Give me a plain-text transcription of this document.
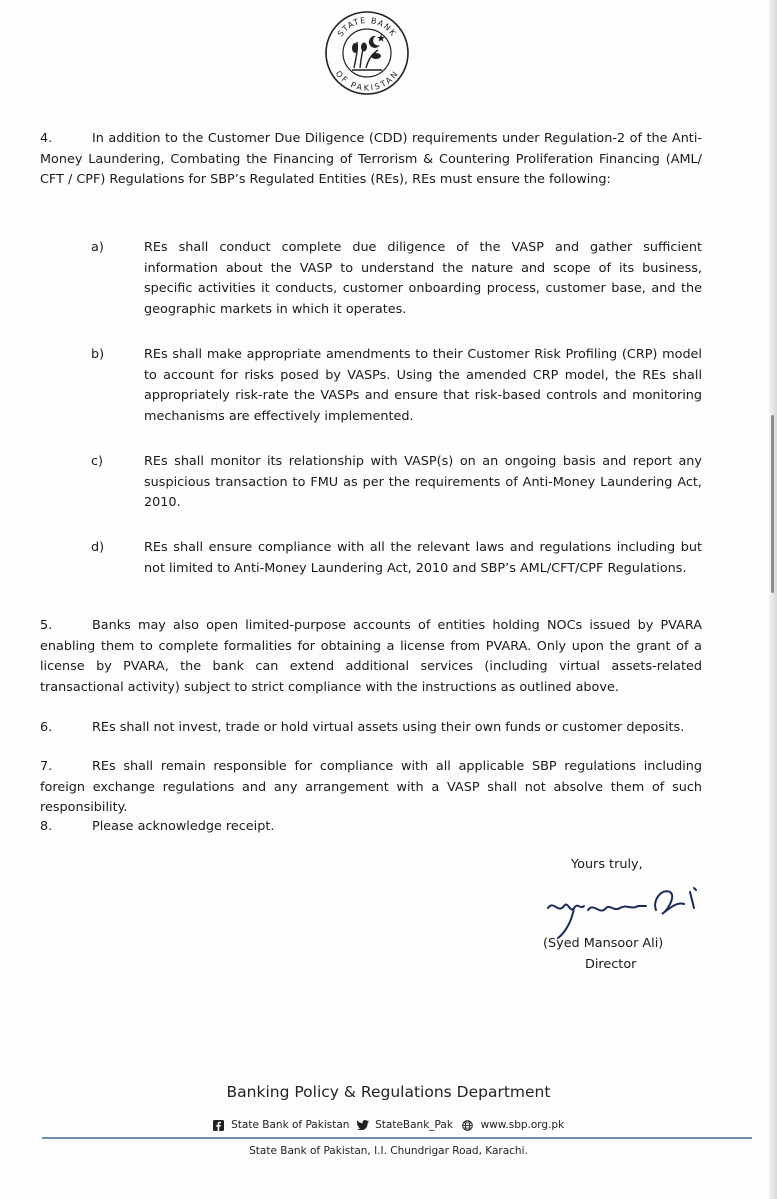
STATE BANK
OF PAKISTAN
4.	In addition to the Customer Due Diligence (CDD) requirements under Regulation-2 of the Anti-Money Laundering, Combating the Financing of Terrorism & Countering Proliferation Financing (AML/ CFT / CPF) Regulations for SBP’s Regulated Entities (REs), REs must ensure the following:
a)	REs shall conduct complete due diligence of the VASP and gather sufficient information about the VASP to understand the nature and scope of its business, specific activities it conducts, customer onboarding process, customer base, and the geographic markets in which it operates.
b)	REs shall make appropriate amendments to their Customer Risk Profiling (CRP) model to account for risks posed by VASPs. Using the amended CRP model, the REs shall appropriately risk-rate the VASPs and ensure that risk-based controls and monitoring mechanisms are effectively implemented.
c)	REs shall monitor its relationship with VASP(s) on an ongoing basis and report any suspicious transaction to FMU as per the requirements of Anti-Money Laundering Act, 2010.
d)	REs shall ensure compliance with all the relevant laws and regulations including but not limited to Anti-Money Laundering Act, 2010 and SBP’s AML/CFT/CPF Regulations.
5.	Banks may also open limited-purpose accounts of entities holding NOCs issued by PVARA enabling them to complete formalities for obtaining a license from PVARA. Only upon the grant of a license by PVARA, the bank can extend additional services (including virtual assets-related transactional activity) subject to strict compliance with the instructions as outlined above.
6.	REs shall not invest, trade or hold virtual assets using their own funds or customer deposits.
7.	REs shall remain responsible for compliance with all applicable SBP regulations including foreign exchange regulations and any arrangement with a VASP shall not absolve them of such responsibility.
8.	Please acknowledge receipt.
Yours truly,
(Syed Mansoor Ali)
Director
Banking Policy & Regulations Department
State Bank of Pakistan StateBank_Pak	www.sbp.org.pk
State Bank of Pakistan, I.I. Chundrigar Road, Karachi.
